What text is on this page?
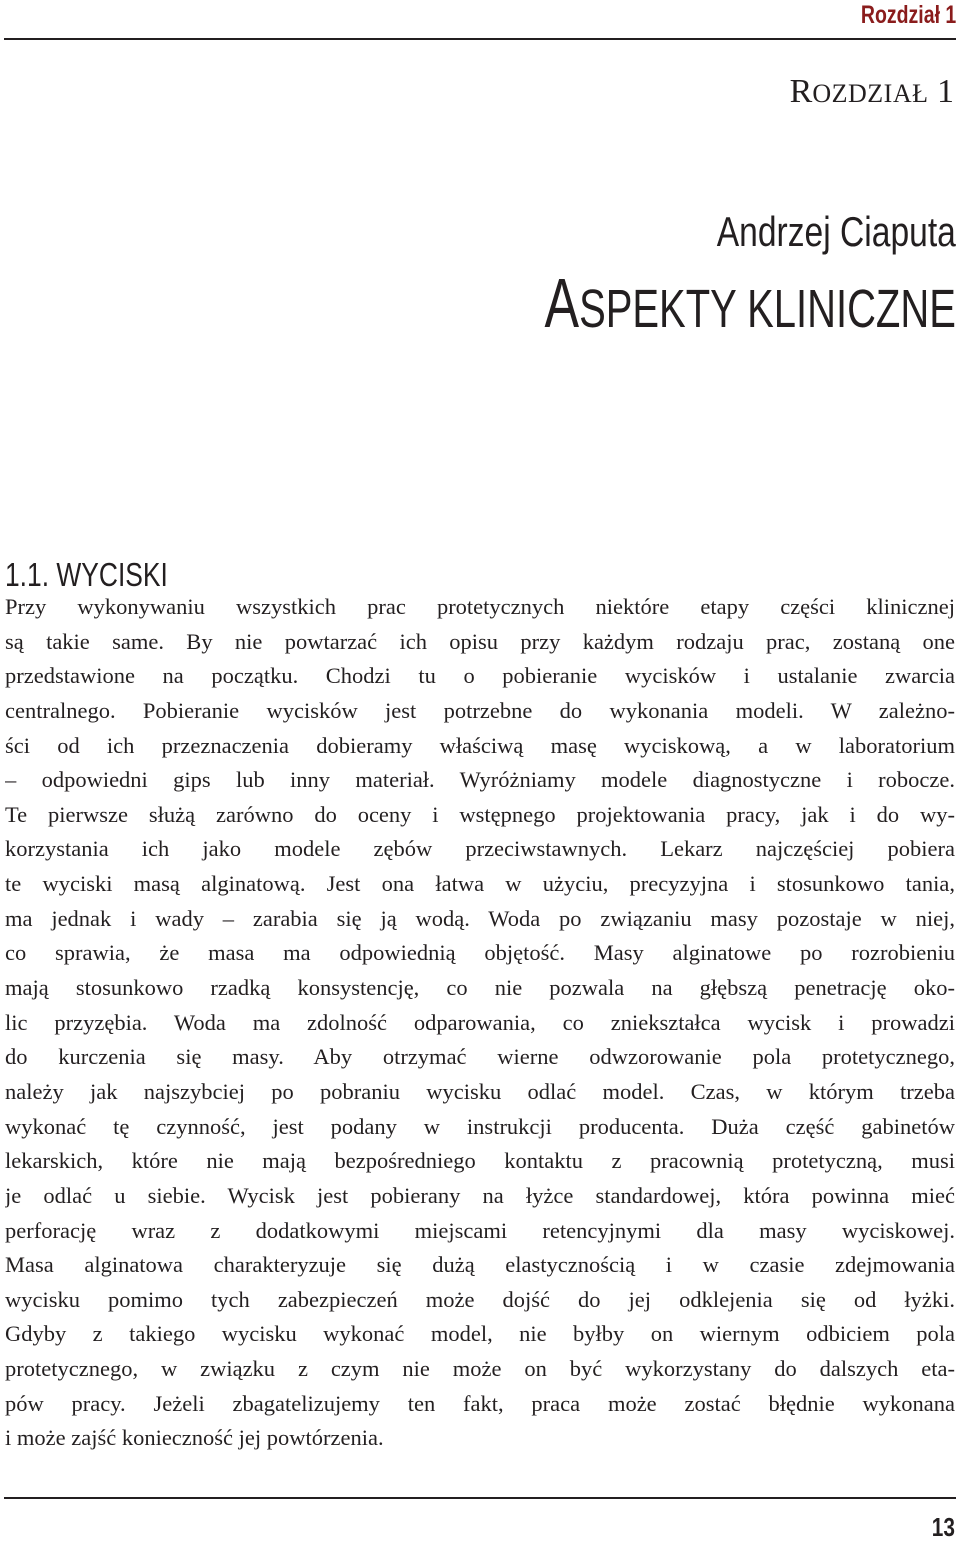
Rozdział 1
ROZDZIAŁ 1
Andrzej Ciaputa
ASPEKTY KLINICZNE
1.1. WYCISKI
Przy wykonywaniu wszystkich prac protetycznych niektóre etapy części klinicznej
są takie same. By nie powtarzać ich opisu przy każdym rodzaju prac, zostaną one
przedstawione na początku. Chodzi tu o pobieranie wycisków i ustalanie zwarcia
centralnego. Pobieranie wycisków jest potrzebne do wykonania modeli. W zależno-
ści od ich przeznaczenia dobieramy właściwą masę wyciskową, a w laboratorium
– odpowiedni gips lub inny materiał. Wyróżniamy modele diagnostyczne i robocze.
Te pierwsze służą zarówno do oceny i wstępnego projektowania pracy, jak i do wy-
korzystania ich jako modele zębów przeciwstawnych. Lekarz najczęściej pobiera
te wyciski masą alginatową. Jest ona łatwa w użyciu, precyzyjna i stosunkowo tania,
ma jednak i wady – zarabia się ją wodą. Woda po związaniu masy pozostaje w niej,
co sprawia, że masa ma odpowiednią objętość. Masy alginatowe po rozrobieniu
mają stosunkowo rzadką konsystencję, co nie pozwala na głębszą penetrację oko-
lic przyzębia. Woda ma zdolność odparowania, co zniekształca wycisk i prowadzi
do kurczenia się masy. Aby otrzymać wierne odwzorowanie pola protetycznego,
należy jak najszybciej po pobraniu wycisku odlać model. Czas, w którym trzeba
wykonać tę czynność, jest podany w instrukcji producenta. Duża część gabinetów
lekarskich, które nie mają bezpośredniego kontaktu z pracownią protetyczną, musi
je odlać u siebie. Wycisk jest pobierany na łyżce standardowej, która powinna mieć
perforację wraz z dodatkowymi miejscami retencyjnymi dla masy wyciskowej.
Masa alginatowa charakteryzuje się dużą elastycznością i w czasie zdejmowania
wycisku pomimo tych zabezpieczeń może dojść do jej odklejenia się od łyżki.
Gdyby z takiego wycisku wykonać model, nie byłby on wiernym odbiciem pola
protetycznego, w związku z czym nie może on być wykorzystany do dalszych eta-
pów pracy. Jeżeli zbagatelizujemy ten fakt, praca może zostać błędnie wykonana
i może zajść konieczność jej powtórzenia.
13
